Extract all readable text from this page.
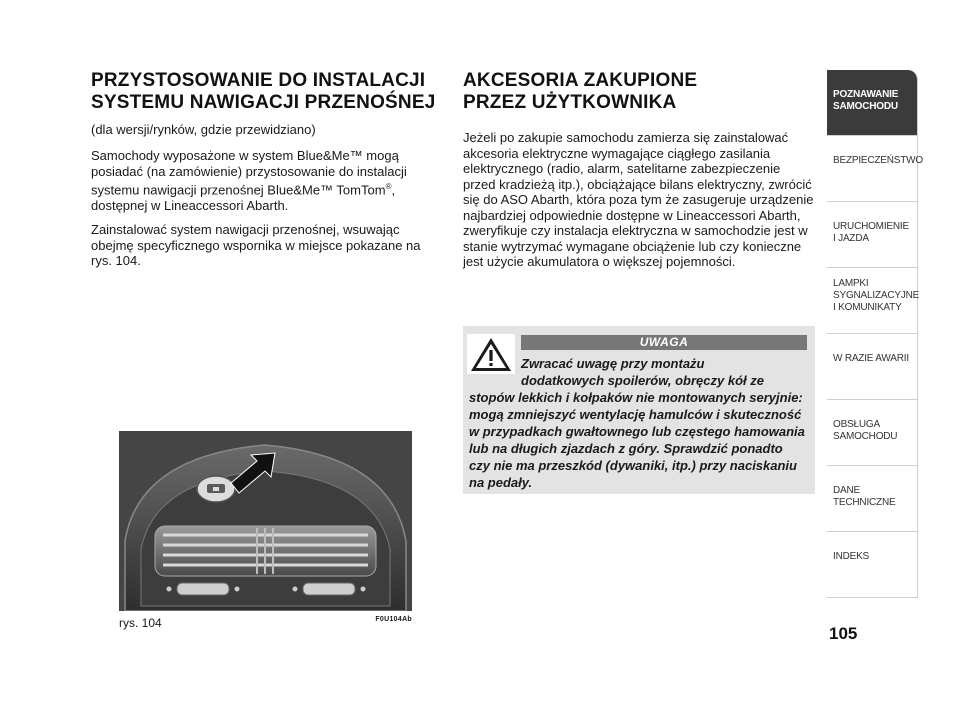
PRZYSTOSOWANIE DO INSTALACJI
SYSTEMU NAWIGACJI PRZENOŚNEJ
(dla wersji/rynków, gdzie przewidziano)

Samochody wyposażone w system Blue&Me™ mogą posiadać (na zamówienie) przystosowanie do instalacji systemu nawigacji przenośnej Blue&Me™ TomTom®, dostępnej w Lineaccessori Abarth.

Zainstalować system nawigacji przenośnej, wsuwając obejmę specyficznego wspornika w miejsce pokazane na rys. 104.

AKCESORIA ZAKUPIONE
PRZEZ UŻYTKOWNIKA

Jeżeli po zakupie samochodu zamierza się zainstalować akcesoria elektryczne wymagające ciągłego zasilania elektrycznego (radio, alarm, satelitarne zabezpieczenie przed kradzieżą itp.), obciążające bilans elektryczny, zwrócić się do ASO Abarth, która poza tym że zasugeruje urządzenie najbardziej odpowiednie dostępne w Lineaccessori Abarth, zweryfikuje czy instalacja elektryczna w samochodzie jest w stanie wytrzymać wymagane obciążenie lub czy konieczne jest użycie akumulatora o większej pojemności.

UWAGA
Zwracać uwagę przy montażu
dodatkowych spoilerów, obręczy kół ze
stopów lekkich i kołpaków nie montowanych seryjnie: mogą zmniejszyć wentylację hamulców i skuteczność w przypadkach gwałtownego lub częstego hamowania lub na długich zjazdach z góry. Sprawdzić ponadto czy nie ma przeszkód (dywaniki, itp.) przy naciskaniu na pedały.
rys. 104	F0U104Ab
POZNAWANIE
SAMOCHODU
BEZPIECZEŃSTWO
URUCHOMIENIE
I JAZDA
LAMPKI
SYGNALIZACYJNE
I KOMUNIKATY
W RAZIE AWARII
OBSŁUGA
SAMOCHODU
DANE
TECHNICZNE
INDEKS
105
